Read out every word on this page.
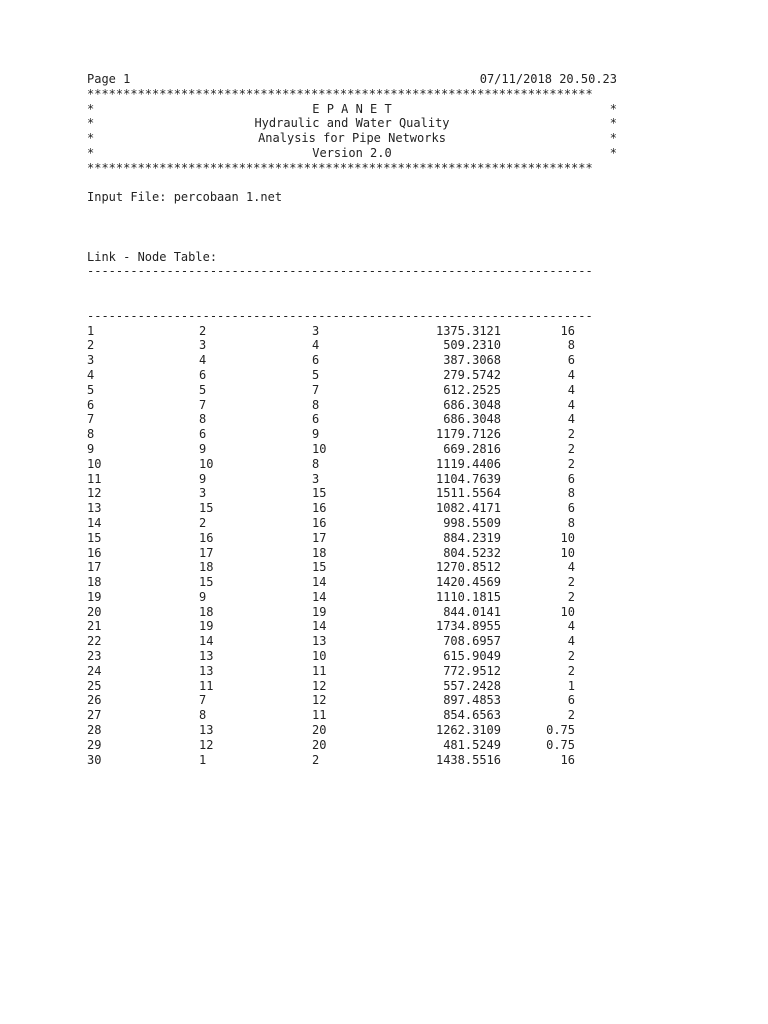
Page 1	07/11/2018 20.50.23
**********************************************************************
*	E P A N E T	*
*	Hydraulic and Water Quality	*
*	Analysis for Pipe Networks	*
*	Version 2.0	*
**********************************************************************
Input File: percobaan 1.net
Link - Node Table:
----------------------------------------------------------------------

----------------------------------------------------------------------
1	2	3	1375.3121	16
2	3	4	509.2310	8
3	4	6	387.3068	6
4	6	5	279.5742	4
5	5	7	612.2525	4
6	7	8	686.3048	4
7	8	6	686.3048	4
8	6	9	1179.7126	2
9	9	10	669.2816	2
10	10	8	1119.4406	2
11	9	3	1104.7639	6
12	3	15	1511.5564	8
13	15	16	1082.4171	6
14	2	16	998.5509	8
15	16	17	884.2319	10
16	17	18	804.5232	10
17	18	15	1270.8512	4
18	15	14	1420.4569	2
19	9	14	1110.1815	2
20	18	19	844.0141	10
21	19	14	1734.8955	4
22	14	13	708.6957	4
23	13	10	615.9049	2
24	13	11	772.9512	2
25	11	12	557.2428	1
26	7	12	897.4853	6
27	8	11	854.6563	2
28	13	20	1262.3109	0.75
29	12	20	481.5249	0.75
30	1	2	1438.5516	16
